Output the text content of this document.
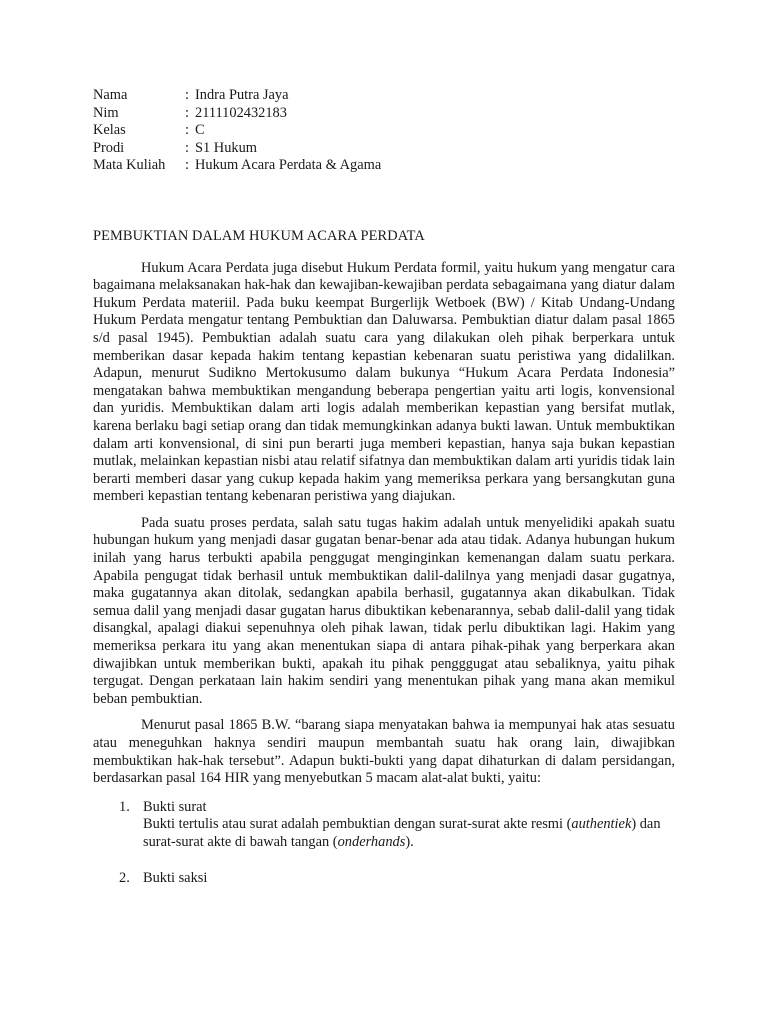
Nama	:	Indra Putra Jaya
Nim	:	2111102432183
Kelas	:	C
Prodi	:	S1 Hukum
Mata Kuliah	:	Hukum Acara Perdata & Agama
PEMBUKTIAN DALAM HUKUM ACARA PERDATA

Hukum Acara Perdata juga disebut Hukum Perdata formil, yaitu hukum yang mengatur cara bagaimana melaksanakan hak-hak dan kewajiban-kewajiban perdata sebagaimana yang diatur dalam Hukum Perdata materiil. Pada buku keempat Burgerlijk Wetboek (BW) / Kitab Undang-Undang Hukum Perdata mengatur tentang Pembuktian dan Daluwarsa. Pembuktian diatur dalam pasal 1865 s/d pasal 1945). Pembuktian adalah suatu cara yang dilakukan oleh pihak berperkara untuk memberikan dasar kepada hakim tentang kepastian kebenaran suatu peristiwa yang didalilkan. Adapun, menurut Sudikno Mertokusumo dalam bukunya “Hukum Acara Perdata Indonesia” mengatakan bahwa membuktikan mengandung beberapa pengertian yaitu arti logis, konvensional dan yuridis. Membuktikan dalam arti logis adalah memberikan kepastian yang bersifat mutlak, karena berlaku bagi setiap orang dan tidak memungkinkan adanya bukti lawan. Untuk membuktikan dalam arti konvensional, di sini pun berarti juga memberi kepastian, hanya saja bukan kepastian mutlak, melainkan kepastian nisbi atau relatif sifatnya dan membuktikan dalam arti yuridis tidak lain berarti memberi dasar yang cukup kepada hakim yang memeriksa perkara yang bersangkutan guna memberi kepastian tentang kebenaran peristiwa yang diajukan.

Pada suatu proses perdata, salah satu tugas hakim adalah untuk menyelidiki apakah suatu hubungan hukum yang menjadi dasar gugatan benar-benar ada atau tidak. Adanya hubungan hukum inilah yang harus terbukti apabila penggugat menginginkan kemenangan dalam suatu perkara. Apabila pengugat tidak berhasil untuk membuktikan dalil-dalilnya yang menjadi dasar gugatnya, maka gugatannya akan ditolak, sedangkan apabila berhasil, gugatannya akan dikabulkan. Tidak semua dalil yang menjadi dasar gugatan harus dibuktikan kebenarannya, sebab dalil-dalil yang tidak disangkal, apalagi diakui sepenuhnya oleh pihak lawan, tidak perlu dibuktikan lagi. Hakim yang memeriksa perkara itu yang akan menentukan siapa di antara pihak-pihak yang berperkara akan diwajibkan untuk memberikan bukti, apakah itu pihak pengggugat atau sebaliknya, yaitu pihak tergugat. Dengan perkataan lain hakim sendiri yang menentukan pihak yang mana akan memikul beban pembuktian.

Menurut pasal 1865 B.W. “barang siapa menyatakan bahwa ia mempunyai hak atas sesuatu atau meneguhkan haknya sendiri maupun membantah suatu hak orang lain, diwajibkan membuktikan hak-hak tersebut”. Adapun bukti-bukti yang dapat dihaturkan di dalam persidangan, berdasarkan pasal 164 HIR yang menyebutkan 5 macam alat-alat bukti, yaitu:

1. Bukti surat
Bukti tertulis atau surat adalah pembuktian dengan surat-surat akte resmi (authentiek) dan surat-surat akte di bawah tangan (onderhands).
2. Bukti saksi
